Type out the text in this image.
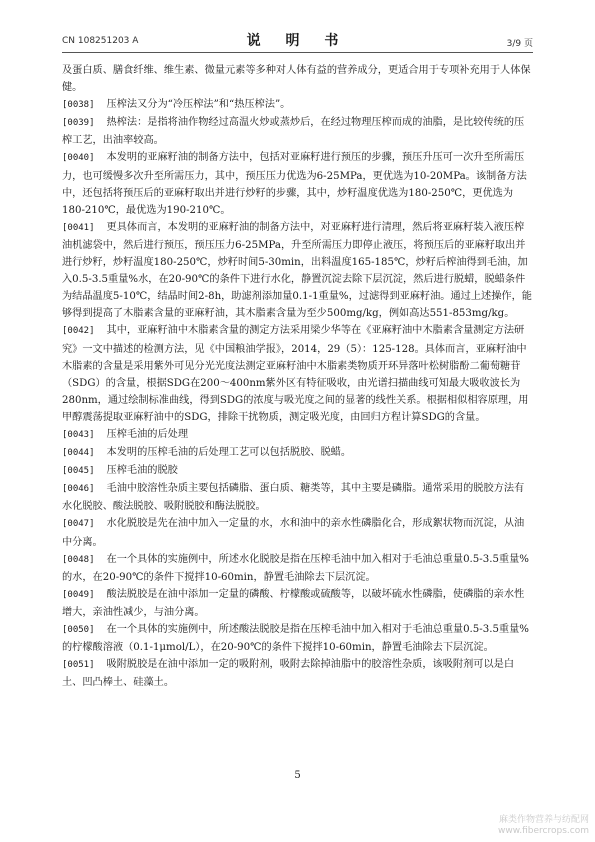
CN 108251203 A	说 明 书	3/9 页

及蛋白质、膳食纤维、维生素、微量元素等多种对人体有益的营养成分，更适合用于专项补充用于人体保健。

[0038] 压榨法又分为“冷压榨法”和“热压榨法”。

[0039] 热榨法：是指将油作物经过高温火炒或蒸炒后，在经过物理压榨而成的油脂，是比较传统的压榨工艺，出油率较高。

[0040] 本发明的亚麻籽油的制备方法中，包括对亚麻籽进行预压的步骤，预压升压可一次升至所需压力，也可缓慢多次升至所需压力，其中，预压压力优选为6-25MPa，更优选为10-20MPa。该制备方法中，还包括将预压后的亚麻籽取出并进行炒籽的步骤，其中，炒籽温度优选为180-250℃，更优选为180-210℃，最优选为190-210℃。

[0041] 更具体而言，本发明的亚麻籽油的制备方法中，对亚麻籽进行清理，然后将亚麻籽装入液压榨油机滤袋中，然后进行预压，预压压力6-25MPa，升至所需压力即停止液压，将预压后的亚麻籽取出并进行炒籽，炒籽温度180-250℃，炒籽时间5-30min，出料温度165-185℃，炒籽后榨油得到毛油，加入0.5-3.5重量%水，在20-90℃的条件下进行水化，静置沉淀去除下层沉淀，然后进行脱蜡，脱蜡条件为结晶温度5-10℃，结晶时间2-8h，助滤剂添加量0.1-1重量%，过滤得到亚麻籽油。通过上述操作，能够得到提高了木脂素含量的亚麻籽油，其木脂素含量为至少500mg/kg，例如高达551-853mg/kg。

[0042] 其中，亚麻籽油中木脂素含量的测定方法采用梁少华等在《亚麻籽油中木脂素含量测定方法研究》一文中描述的检测方法，见《中国粮油学报》，2014，29（5）：125-128。具体而言，亚麻籽油中木脂素的含量是采用紫外可见分光光度法测定亚麻籽油中木脂素类物质开环异落叶松树脂酚二葡萄糖苷（SDG）的含量，根据SDG在200～400nm紫外区有特征吸收，由光谱扫描曲线可知最大吸收波长为280nm，通过绘制标准曲线，得到SDG的浓度与吸光度之间的显著的线性关系。根据相似相容原理，用甲醇震荡提取亚麻籽油中的SDG，排除干扰物质，测定吸光度，由回归方程计算SDG的含量。

[0043] 压榨毛油的后处理

[0044] 本发明的压榨毛油的后处理工艺可以包括脱胶、脱蜡。

[0045] 压榨毛油的脱胶

[0046] 毛油中胶溶性杂质主要包括磷脂、蛋白质、糖类等，其中主要是磷脂。通常采用的脱胶方法有水化脱胶、酸法脱胶、吸附脱胶和酶法脱胶。

[0047] 水化脱胶是先在油中加入一定量的水，水和油中的亲水性磷脂化合，形成絮状物而沉淀，从油中分离。

[0048] 在一个具体的实施例中，所述水化脱胶是指在压榨毛油中加入相对于毛油总重量0.5-3.5重量%的水，在20-90℃的条件下搅拌10-60min，静置毛油除去下层沉淀。

[0049] 酸法脱胶是在油中添加一定量的磷酸、柠檬酸或硫酸等，以破坏硫水性磷脂，使磷脂的亲水性增大，亲油性减少，与油分离。

[0050] 在一个具体的实施例中，所述酸法脱胶是指在压榨毛油中加入相对于毛油总重量0.5-3.5重量%的柠檬酸溶液（0.1-1μmol/L），在20-90℃的条件下搅拌10-60min，静置毛油除去下层沉淀。

[0051] 吸附脱胶是在油中添加一定的吸附剂，吸附去除掉油脂中的胶溶性杂质，该吸附剂可以是白土、凹凸棒土、硅藻土。

5
麻类作物营养与纺配网
www.fibercrops.com
